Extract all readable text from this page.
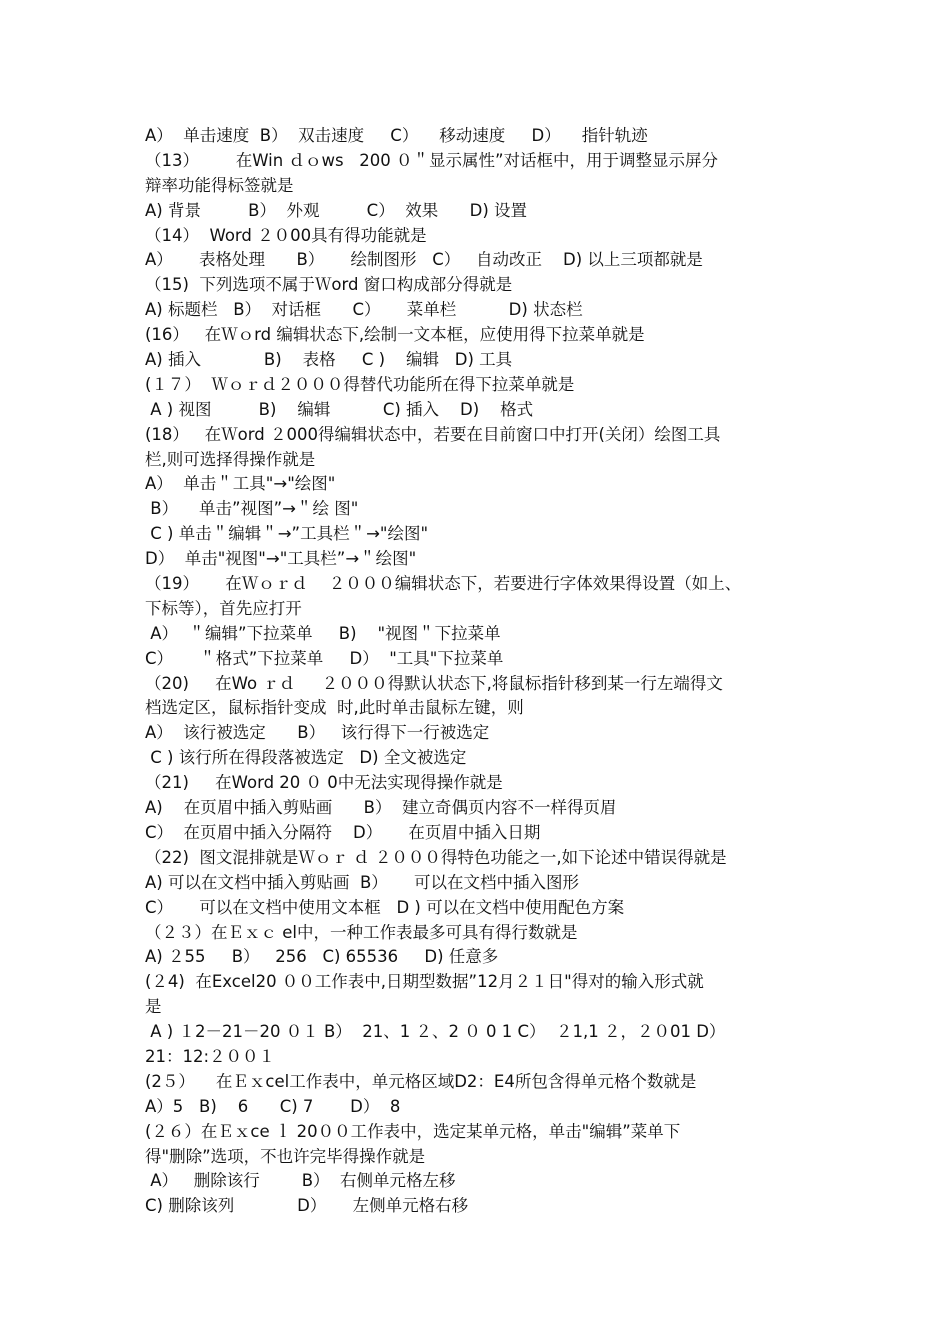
A）  单击速度  B）  双击速度     C）    移动速度     D）    指针轨迹
（13）       在Win ｄｏws   200 ０＂显示属性”对话框中，用于调整显示屏分
辩率功能得标签就是
A) 背景         B）  外观         C）  效果      D) 设置
（14）  Word ２０00具有得功能就是
A）     表格处理      B）     绘制图形   C）   自动改正    D) 以上三项都就是
（15)  下列选项不属于Ｗord 窗口构成部分得就是
A) 标题栏   B）  对话框      C）     菜单栏          D) 状态栏
(16）   在Ｗｏrd 编辑状态下,绘制一文本框，应使用得下拉菜单就是
A) 插入            B)    表格     C )    编辑   D) 工具
(１７）  Ｗｏｒｄ２０００得替代功能所在得下拉菜单就是
A ) 视图         B)    编辑          C) 插入    D)    格式
(18）   在Ｗord ２000得编辑状态中，若要在目前窗口中打开(关闭）绘图工具
栏,则可选择得操作就是
A）  单击＂工具"→"绘图"
B）    单击”视图”→＂绘 图"
C ) 单击＂编辑＂→”工具栏＂→"绘图"
D）  单击"视图"→"工具栏”→＂绘图"
（19）     在Ｗｏｒｄ    ２０００编辑状态下，若要进行字体效果得设置（如上、
下标等），首先应打开
A）  ＂编辑”下拉菜单     B)    "视图＂下拉菜单
C）     ＂格式”下拉菜单     D）  "工具"下拉菜单
（20)     在Wo ｒｄ     ２０００得默认状态下,将鼠标指针移到某一行左端得文
档选定区，鼠标指针变成  时,此时单击鼠标左键，则
A）  该行被选定      B）   该行得下一行被选定
C ) 该行所在得段落被选定   D) 全文被选定
（21)     在Word 20 ０ 0中无法实现得操作就是
A)    在页眉中插入剪贴画      B）  建立奇偶页内容不一样得页眉
C）  在页眉中插入分隔符    D）     在页眉中插入日期
（22)  图文混排就是Ｗｏｒ ｄ ２０００得特色功能之一,如下论述中错误得就是
A) 可以在文档中插入剪贴画  B）     可以在文档中插入图形
C）     可以在文档中使用文本框   D ) 可以在文档中使用配色方案
（２３）在Ｅｘｃ el中，一种工作表最多可具有得行数就是
A) ２55     B）   256   C) 65536     D) 任意多
(２4)  在Excel20 ００工作表中,日期型数据”12月２１日"得对的输入形式就
是
A ) １2－21－20 ０１ B）  21、1 ２、2 ０ 0 1 C）  ２1,1 ２，２０01 D）
21：12:２００１
(2５）    在Ｅｘcel工作表中，单元格区域D2：E4所包含得单元格个数就是
A）5   B)    6      C) 7       D）  8
(２６）在Ｅｘce ｌ 20００工作表中，选定某单元格，单击"编辑”菜单下
得"删除”选项，不也许完毕得操作就是
A）   删除该行        B）  右侧单元格左移
C) 删除该列            D）     左侧单元格右移
